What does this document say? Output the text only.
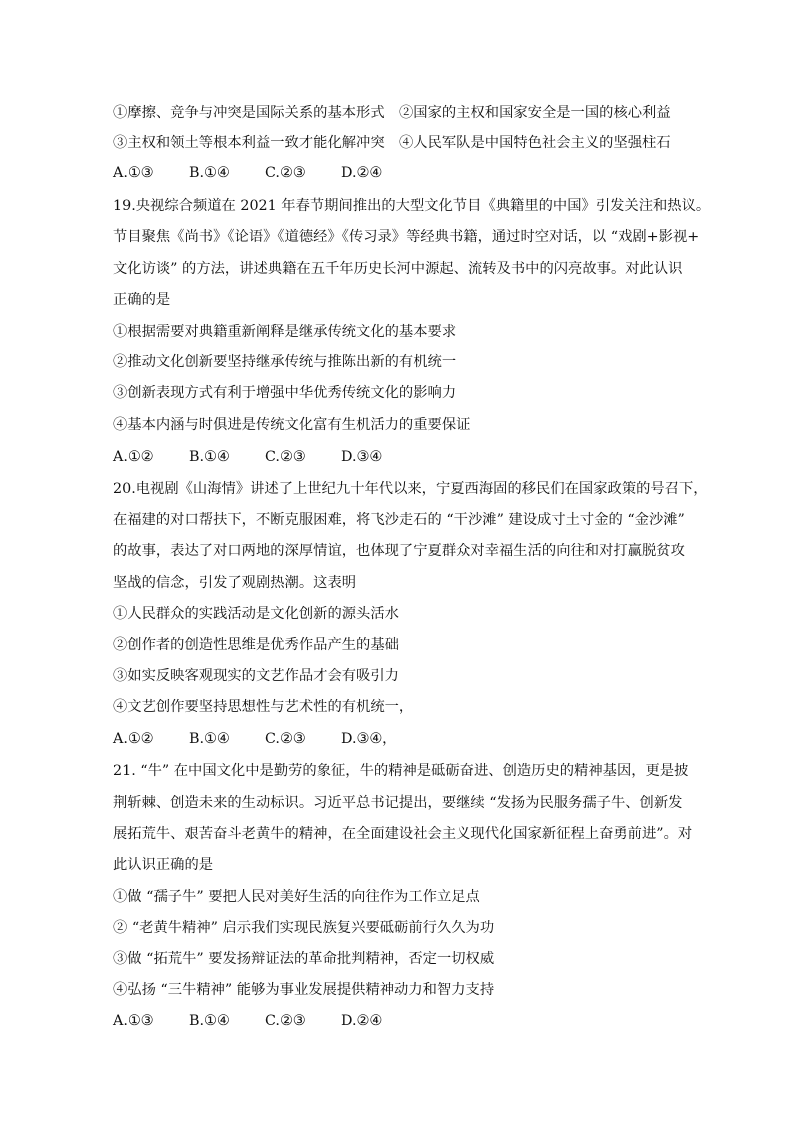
①摩擦、竞争与冲突是国际关系的基本形式 ②国家的主权和国家安全是一国的核心利益
③主权和领土等根本利益一致才能化解冲突 ④人民军队是中国特色社会主义的坚强柱石
A.①③ B.①④ C.②③ D.②④
19.央视综合频道在 2021 年春节期间推出的大型文化节目《典籍里的中国》引发关注和热议。
节目聚焦《尚书》《论语》《道德经》《传习录》等经典书籍，通过时空对话，以 “戏剧+影视+
文化访谈” 的方法，讲述典籍在五千年历史长河中源起、流转及书中的闪亮故事。对此认识
正确的是
①根据需要对典籍重新阐释是继承传统文化的基本要求
②推动文化创新要坚持继承传统与推陈出新的有机统一
③创新表现方式有利于增强中华优秀传统文化的影响力
④基本内涵与时俱进是传统文化富有生机活力的重要保证
A.①② B.①④ C.②③ D.③④
20.电视剧《山海情》讲述了上世纪九十年代以来，宁夏西海固的移民们在国家政策的号召下，
在福建的对口帮扶下，不断克服困难，将飞沙走石的 “干沙滩” 建设成寸土寸金的 “金沙滩”
的故事，表达了对口两地的深厚情谊，也体现了宁夏群众对幸福生活的向往和对打赢脱贫攻
坚战的信念，引发了观剧热潮。这表明
①人民群众的实践活动是文化创新的源头活水
②创作者的创造性思维是优秀作品产生的基础
③如实反映客观现实的文艺作品才会有吸引力
④文艺创作要坚持思想性与艺术性的有机统一，
A.①② B.①④ C.②③ D.③④，
21. “牛” 在中国文化中是勤劳的象征，牛的精神是砥砺奋进、创造历史的精神基因，更是披
荆斩棘、创造未来的生动标识。习近平总书记提出，要继续 “发扬为民服务孺子牛、创新发
展拓荒牛、艰苦奋斗老黄牛的精神，在全面建设社会主义现代化国家新征程上奋勇前进”。对
此认识正确的是
①做 “孺子牛” 要把人民对美好生活的向往作为工作立足点
② “老黄牛精神” 启示我们实现民族复兴要砥砺前行久久为功
③做 “拓荒牛” 要发扬辩证法的革命批判精神，否定一切权威
④弘扬 “三牛精神” 能够为事业发展提供精神动力和智力支持
A.①③ B.①④ C.②③ D.②④
